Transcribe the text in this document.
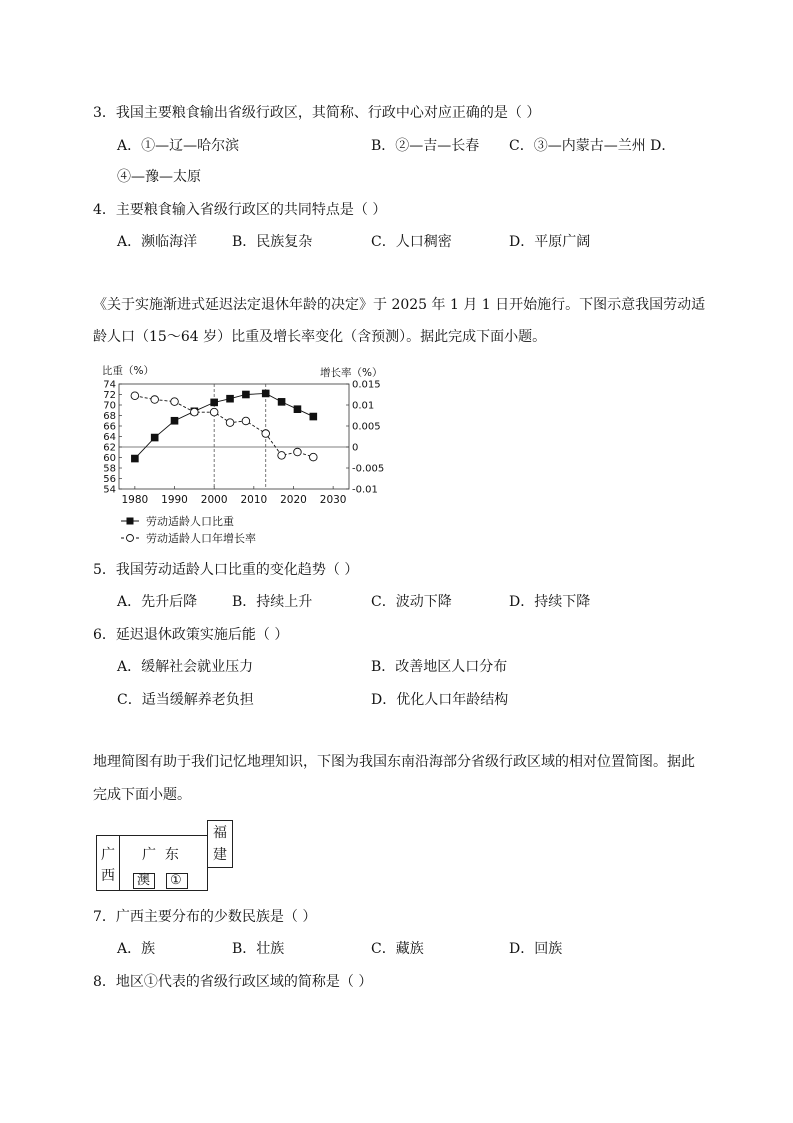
3．我国主要粮食输出省级行政区，其简称、行政中心对应正确的是（ ）
A．①—辽—哈尔滨	B．②—吉—长春 C．③—内蒙古—兰州 D．
④—豫—太原
4．主要粮食输入省级行政区的共同特点是（ ）
A．濒临海洋 B．民族复杂	C．人口稠密	D．平原广阔
《关于实施渐进式延迟法定退休年龄的决定》于 2025 年 1 月 1 日开始施行。下图示意我国劳动适
龄人口（15～64 岁）比重及增长率变化（含预测）。据此完成下面小题。
比重（%）	增长率（%）
74
72
70
68
66
64
62
60
58
56
54
0.015
0.01
0.005
0
-0.005
-0.01
1980 1990 2000 2010 2020 2030
劳动适龄人口比重
劳动适龄人口年增长率
5．我国劳动适龄人口比重的变化趋势（ ）
A．先升后降 B．持续上升	C．波动下降	D．持续下降
6．延迟退休政策实施后能（ ）
A．缓解社会就业压力	B．改善地区人口分布
C．适当缓解养老负担	D．优化人口年龄结构
地理简图有助于我们记忆地理知识，下图为我国东南沿海部分省级行政区域的相对位置简图。据此
完成下面小题。
广
西
广  东
福
建
澳 ①
7．广西主要分布的少数民族是（ ）
A．族	B．壮族	C．藏族	D．回族
8．地区①代表的省级行政区域的简称是（ ）
